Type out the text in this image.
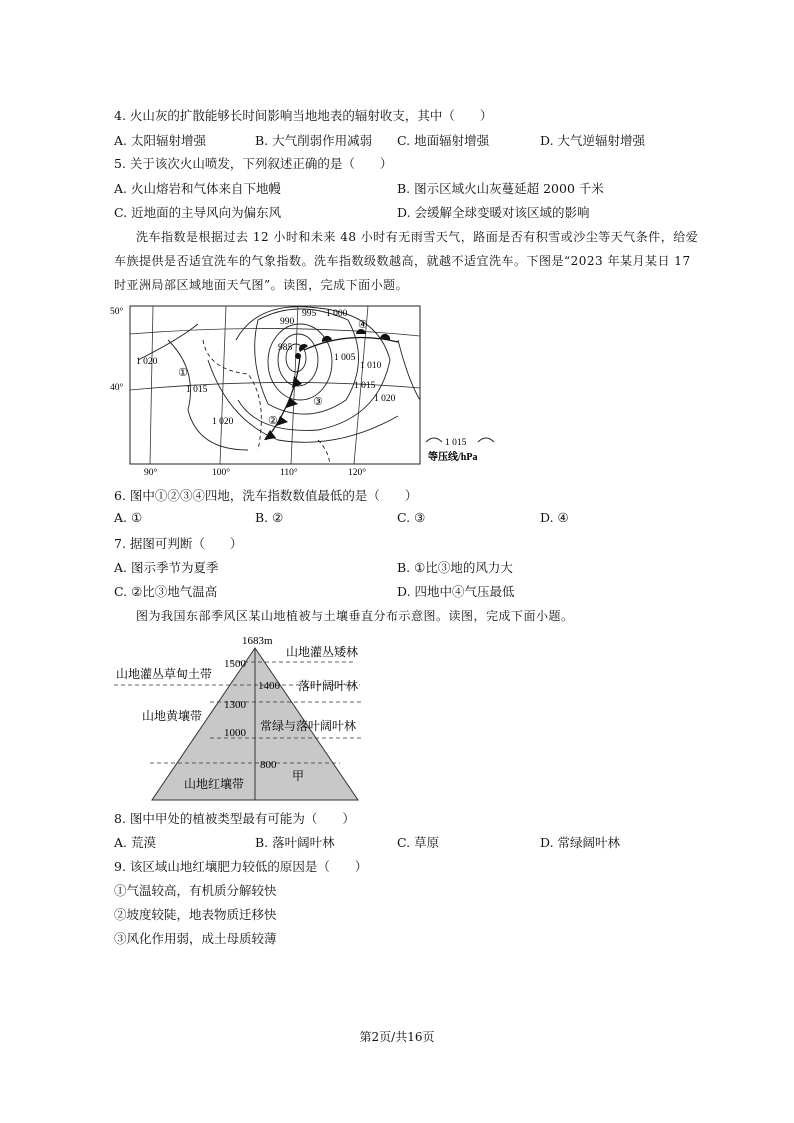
4. 火山灰的扩散能够长时间影响当地地表的辐射收支，其中（　　）
A. 太阳辐射增强	B. 大气削弱作用减弱 C. 地面辐射增强	D. 大气逆辐射增强
5. 关于该次火山喷发，下列叙述正确的是（　　）
A. 火山熔岩和气体来自下地幔	B. 图示区域火山灰蔓延超 2000 千米
C. 近地面的主导风向为偏东风	D. 会缓解全球变暖对该区域的影响
洗车指数是根据过去 12 小时和未来 48 小时有无雨雪天气，路面是否有积雪或沙尘等天气条件，给爱
车族提供是否适宜洗车的气象指数。洗车指数级数越高，就越不适宜洗车。下图是“2023 年某月某日 17
时亚洲局部区域地面天气图”。读图，完成下面小题。
990
995 1 000
985
1 005
1 010
1 015
1 020
1 020
1 015
1 020
①
②
③
④
50°
40°
90°	100°	110°	120°
1 015
等压线/hPa
6. 图中①②③④四地，洗车指数数值最低的是（　　）
A. ①	B. ②	C. ③	D. ④
7. 据图可判断（　　）
A. 图示季节为夏季	B. ①比③地的风力大
C. ②比③地气温高	D. 四地中④气压最低
图为我国东部季风区某山地植被与土壤垂直分布示意图。读图，完成下面小题。
1683m
1500
1400
1300
1000
800
山地灌丛草甸土带
山地黄壤带
山地红壤带
山地灌丛矮林
落叶阔叶林
常绿与落叶阔叶林
甲
8. 图中甲处的植被类型最有可能为（　　）
A. 荒漠	B. 落叶阔叶林	C. 草原	D. 常绿阔叶林
9. 该区域山地红壤肥力较低的原因是（　　）
①气温较高，有机质分解较快
②坡度较陡，地表物质迁移快
③风化作用弱，成土母质较薄
第2页/共16页
